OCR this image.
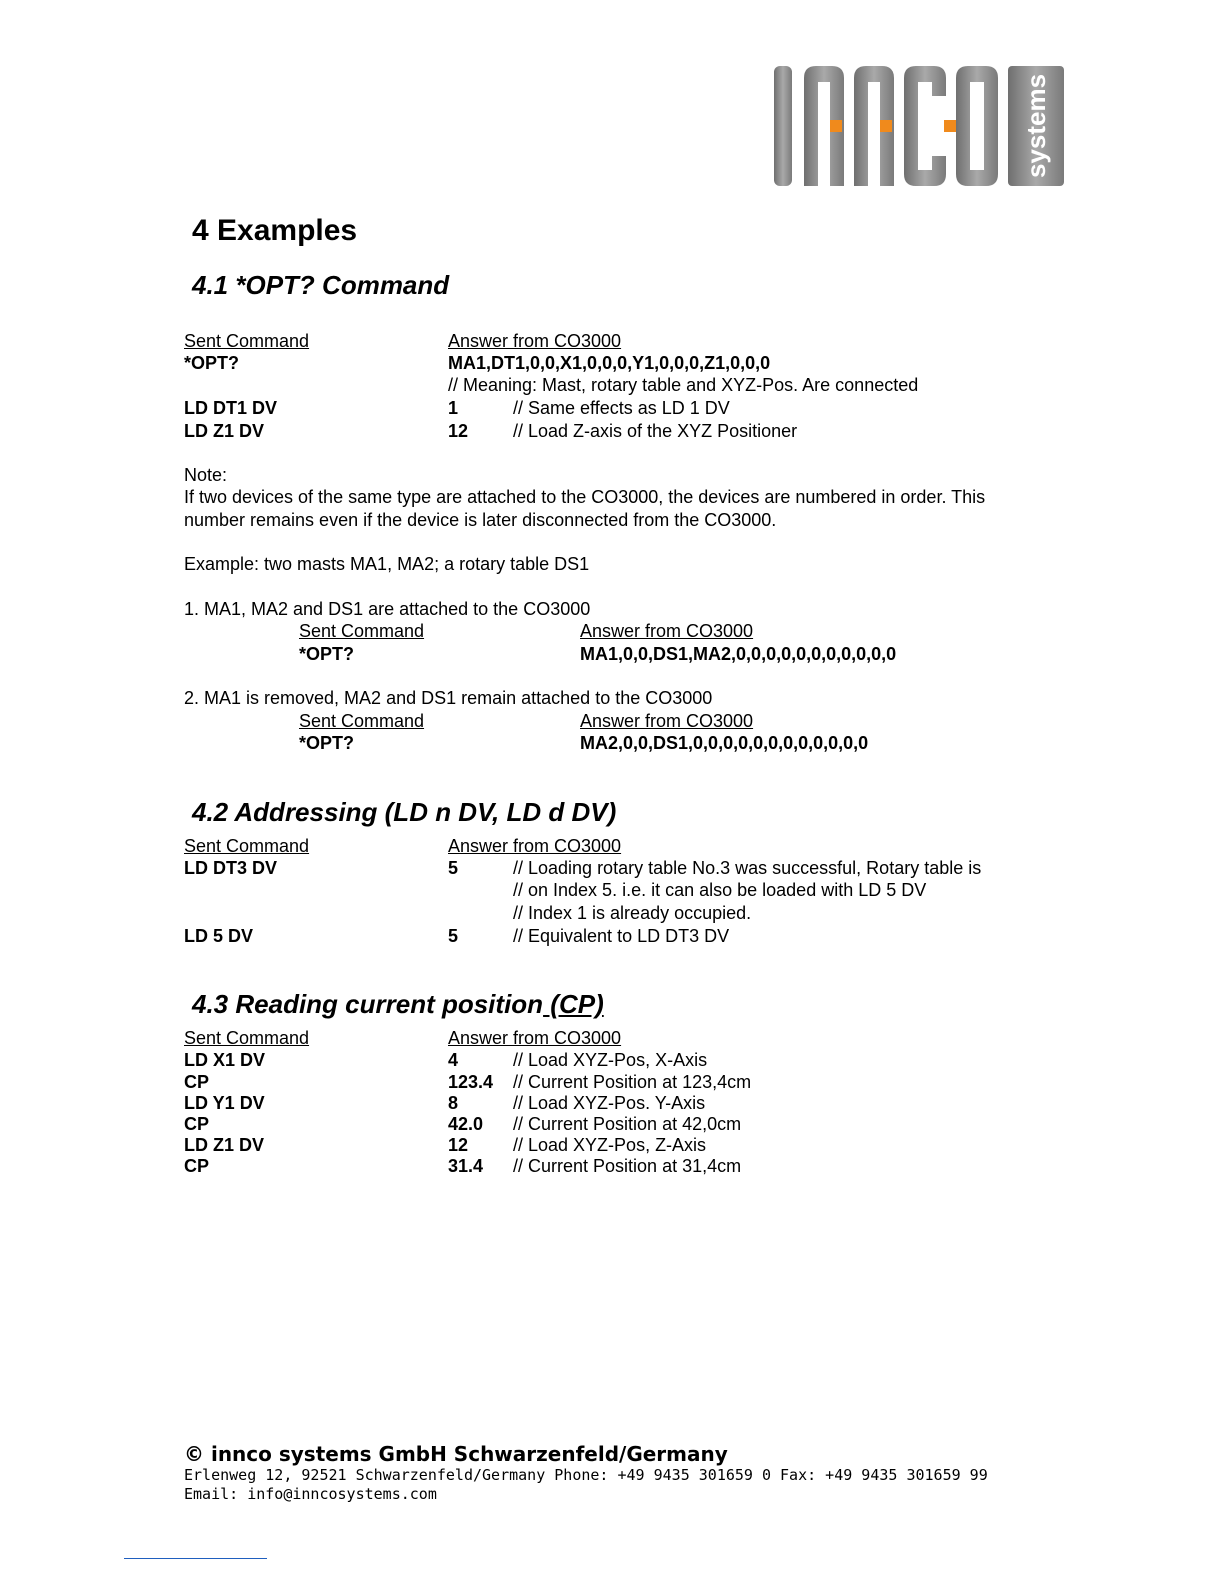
systems
4 Examples
4.1 *OPT? Command
Sent Command	Answer from CO3000
*OPT?	MA1,DT1,0,0,X1,0,0,0,Y1,0,0,0,Z1,0,0,0
// Meaning: Mast, rotary table and XYZ-Pos. Are connected
LD DT1 DV	1	// Same effects as LD 1 DV
LD Z1 DV	12 // Load Z-axis of the XYZ Positioner
Note:
If two devices of the same type are attached to the CO3000, the devices are numbered in order. This
number remains even if the device is later disconnected from the CO3000.
Example: two masts MA1, MA2; a rotary table DS1
1. MA1, MA2 and DS1 are attached to the CO3000
Sent Command	Answer from CO3000
*OPT?	MA1,0,0,DS1,MA2,0,0,0,0,0,0,0,0,0,0,0
2. MA1 is removed, MA2 and DS1 remain attached to the CO3000
Sent Command	Answer from CO3000
*OPT?	MA2,0,0,DS1,0,0,0,0,0,0,0,0,0,0,0,0
4.2 Addressing (LD n DV, LD d DV)
Sent Command	Answer from CO3000
LD DT3 DV	5	// Loading rotary table No.3 was successful, Rotary table is
// on Index 5. i.e. it can also be loaded with LD 5 DV
// Index 1 is already occupied.
LD 5 DV	5	// Equivalent to LD DT3 DV
4.3 Reading current position (CP)
Sent Command	Answer from CO3000
LD X1 DV	4	// Load XYZ-Pos, X-Axis
CP	123.4 // Current Position at 123,4cm
LD Y1 DV	8	// Load XYZ-Pos. Y-Axis
CP	42.0 // Current Position at 42,0cm
LD Z1 DV	12 // Load XYZ-Pos, Z-Axis
CP	31.4 // Current Position at 31,4cm
© innco systems GmbH Schwarzenfeld/Germany
Erlenweg 12, 92521 Schwarzenfeld/Germany Phone: +49 9435 301659 0 Fax: +49 9435 301659 99
Email: info@inncosystems.com
